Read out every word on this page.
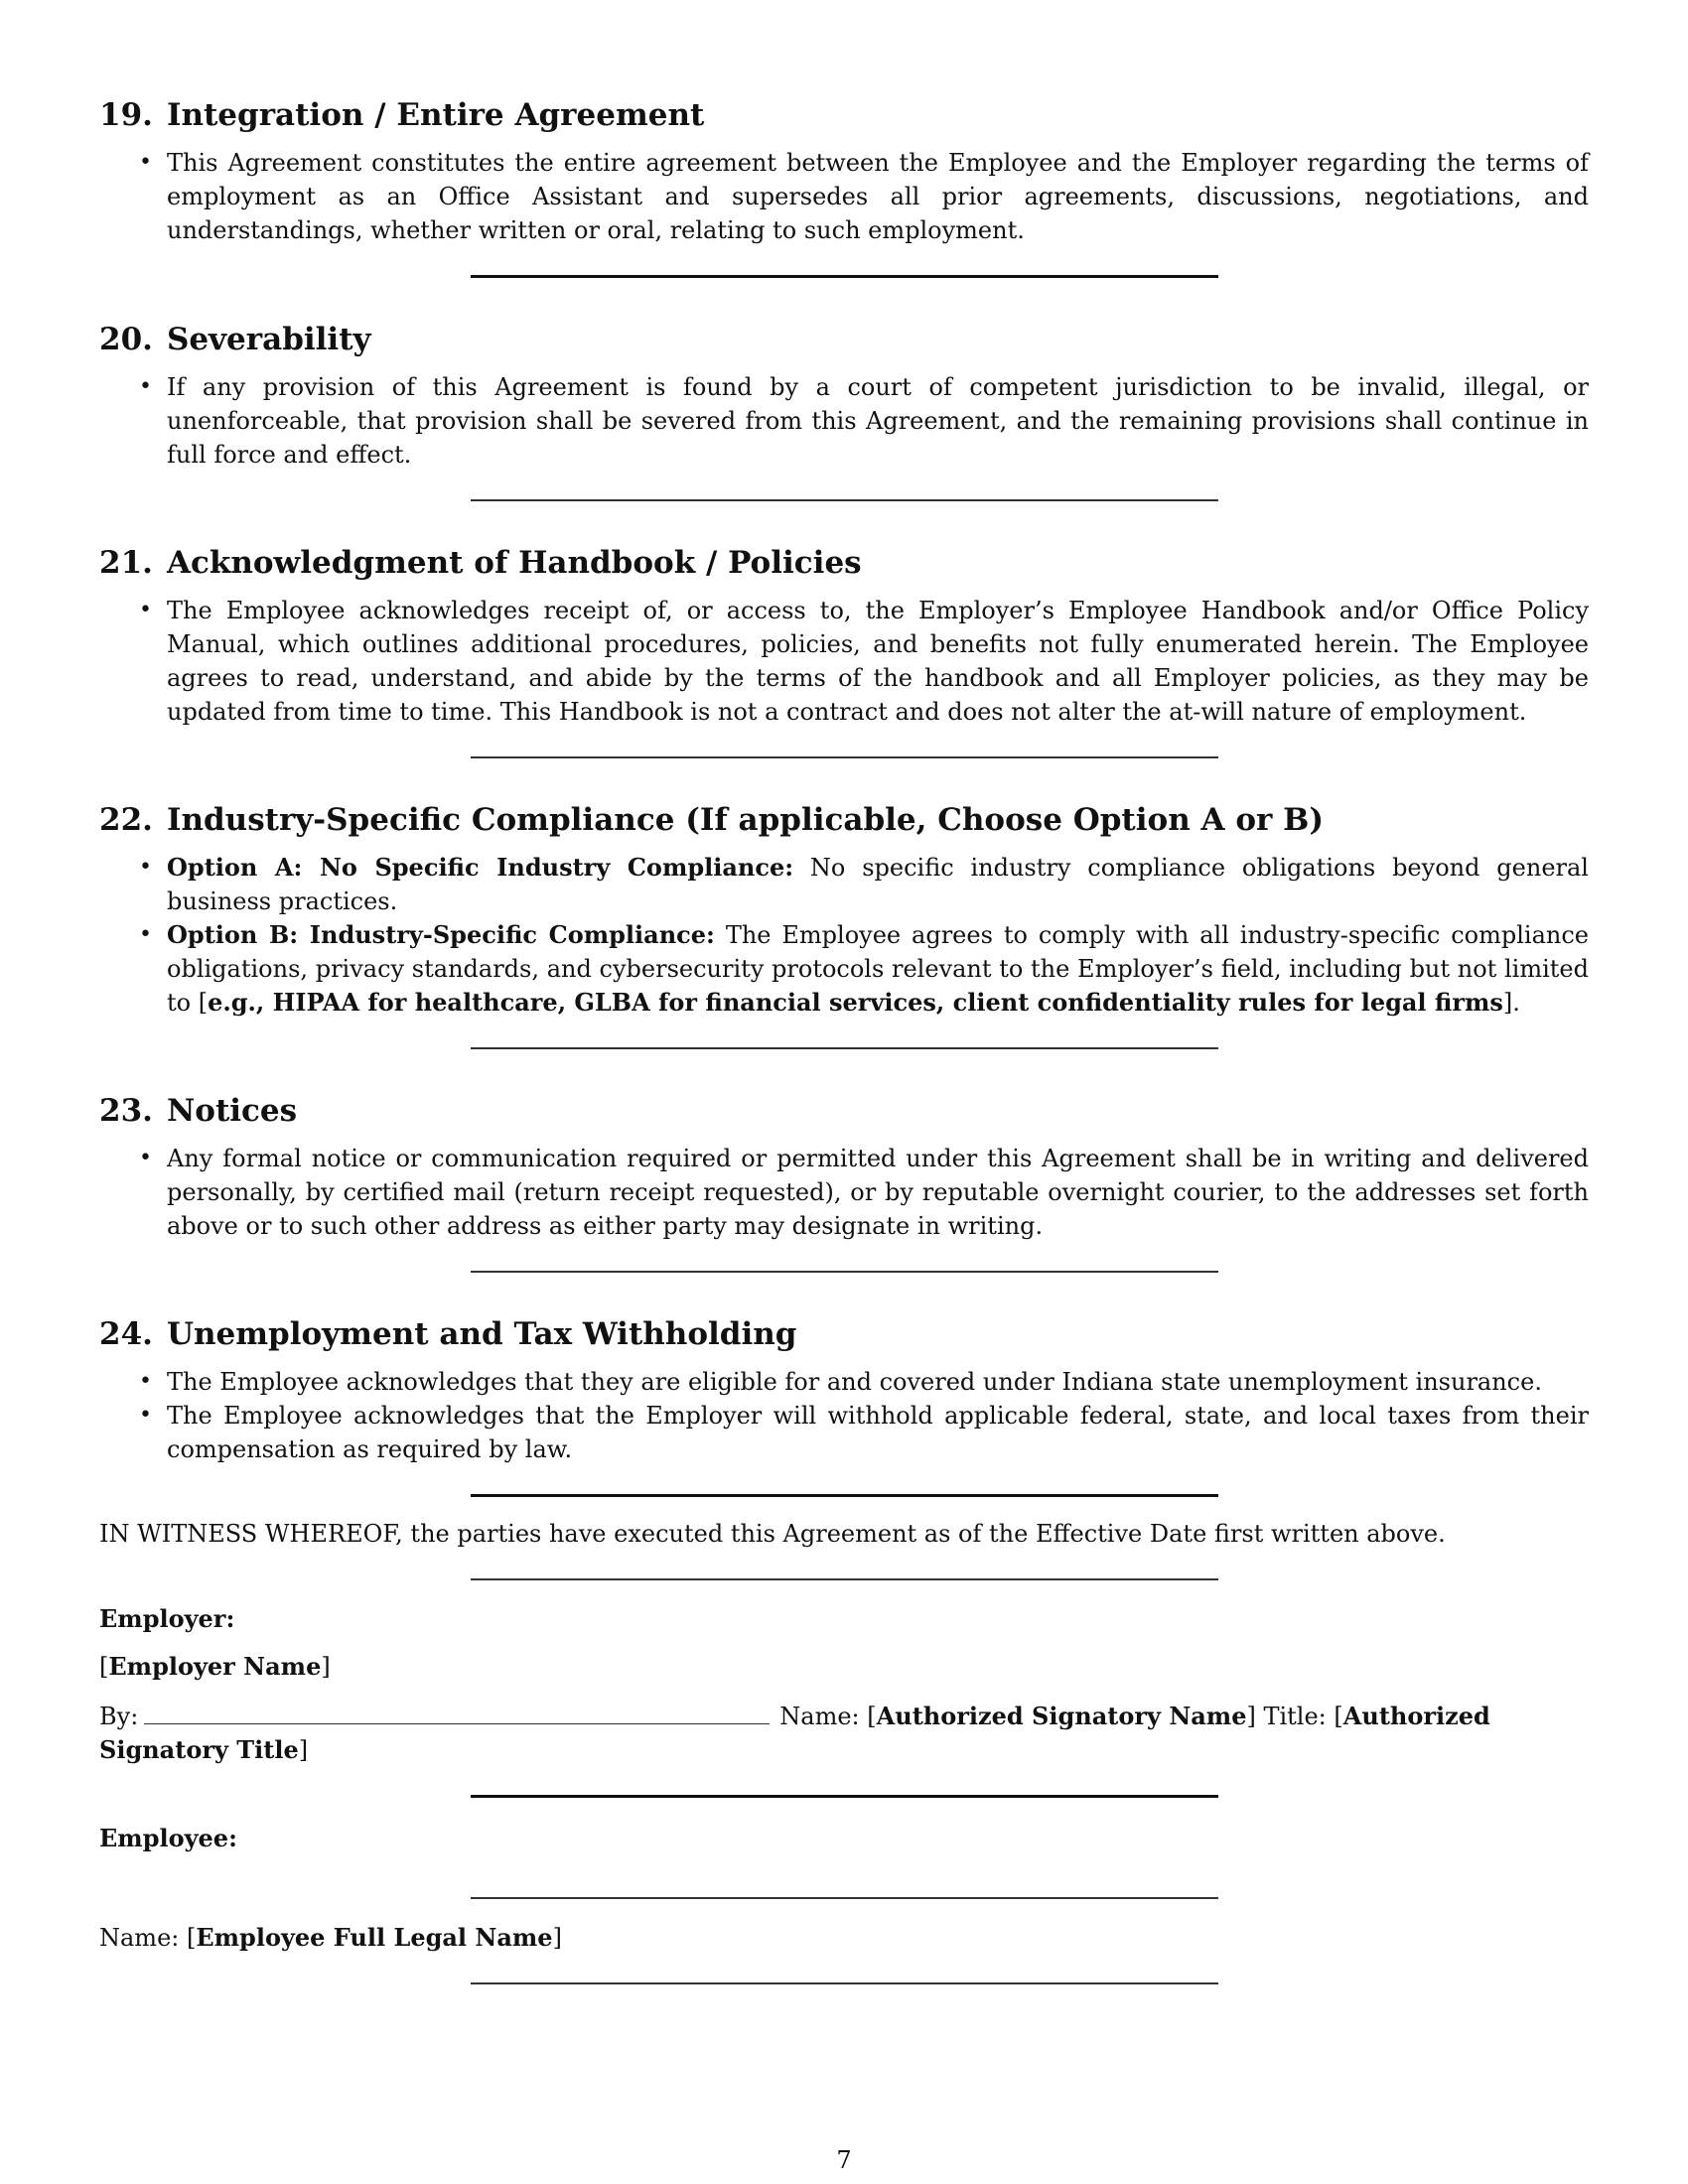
19. Integration / Entire Agreement
• This Agreement constitutes the entire agreement between the Employee and the Employer regarding the terms of employment as an Office Assistant and supersedes all prior agreements, discussions, negotiations, and understandings, whether written or oral, relating to such employment.
20. Severability
• If any provision of this Agreement is found by a court of competent jurisdiction to be invalid, illegal, or unenforceable, that provision shall be severed from this Agreement, and the remaining provisions shall continue in full force and effect.
21. Acknowledgment of Handbook / Policies
• The Employee acknowledges receipt of, or access to, the Employer’s Employee Handbook and/or Office Policy Manual, which outlines additional procedures, policies, and benefits not fully enumerated herein. The Employee agrees to read, understand, and abide by the terms of the handbook and all Employer policies, as they may be updated from time to time. This Handbook is not a contract and does not alter the at-will nature of employment.
22. Industry-Specific Compliance (If applicable, Choose Option A or B)
• Option A: No Specific Industry Compliance: No specific industry compliance obligations beyond general business practices.
• Option B: Industry-Specific Compliance: The Employee agrees to comply with all industry-specific compliance obligations, privacy standards, and cybersecurity protocols relevant to the Employer’s field, including but not limited to [e.g., HIPAA for healthcare, GLBA for financial services, client confidentiality rules for legal firms].
23. Notices
• Any formal notice or communication required or permitted under this Agreement shall be in writing and delivered personally, by certified mail (return receipt requested), or by reputable overnight courier, to the addresses set forth above or to such other address as either party may designate in writing.
24. Unemployment and Tax Withholding
• The Employee acknowledges that they are eligible for and covered under Indiana state unemployment insurance.
• The Employee acknowledges that the Employer will withhold applicable federal, state, and local taxes from their compensation as required by law.

IN WITNESS WHEREOF, the parties have executed this Agreement as of the Effective Date first written above.

Employer:
[Employer Name]
By:	Name: [Authorized Signatory Name] Title: [Authorized Signatory Title]
Employee:
Name: [Employee Full Legal Name]
7
